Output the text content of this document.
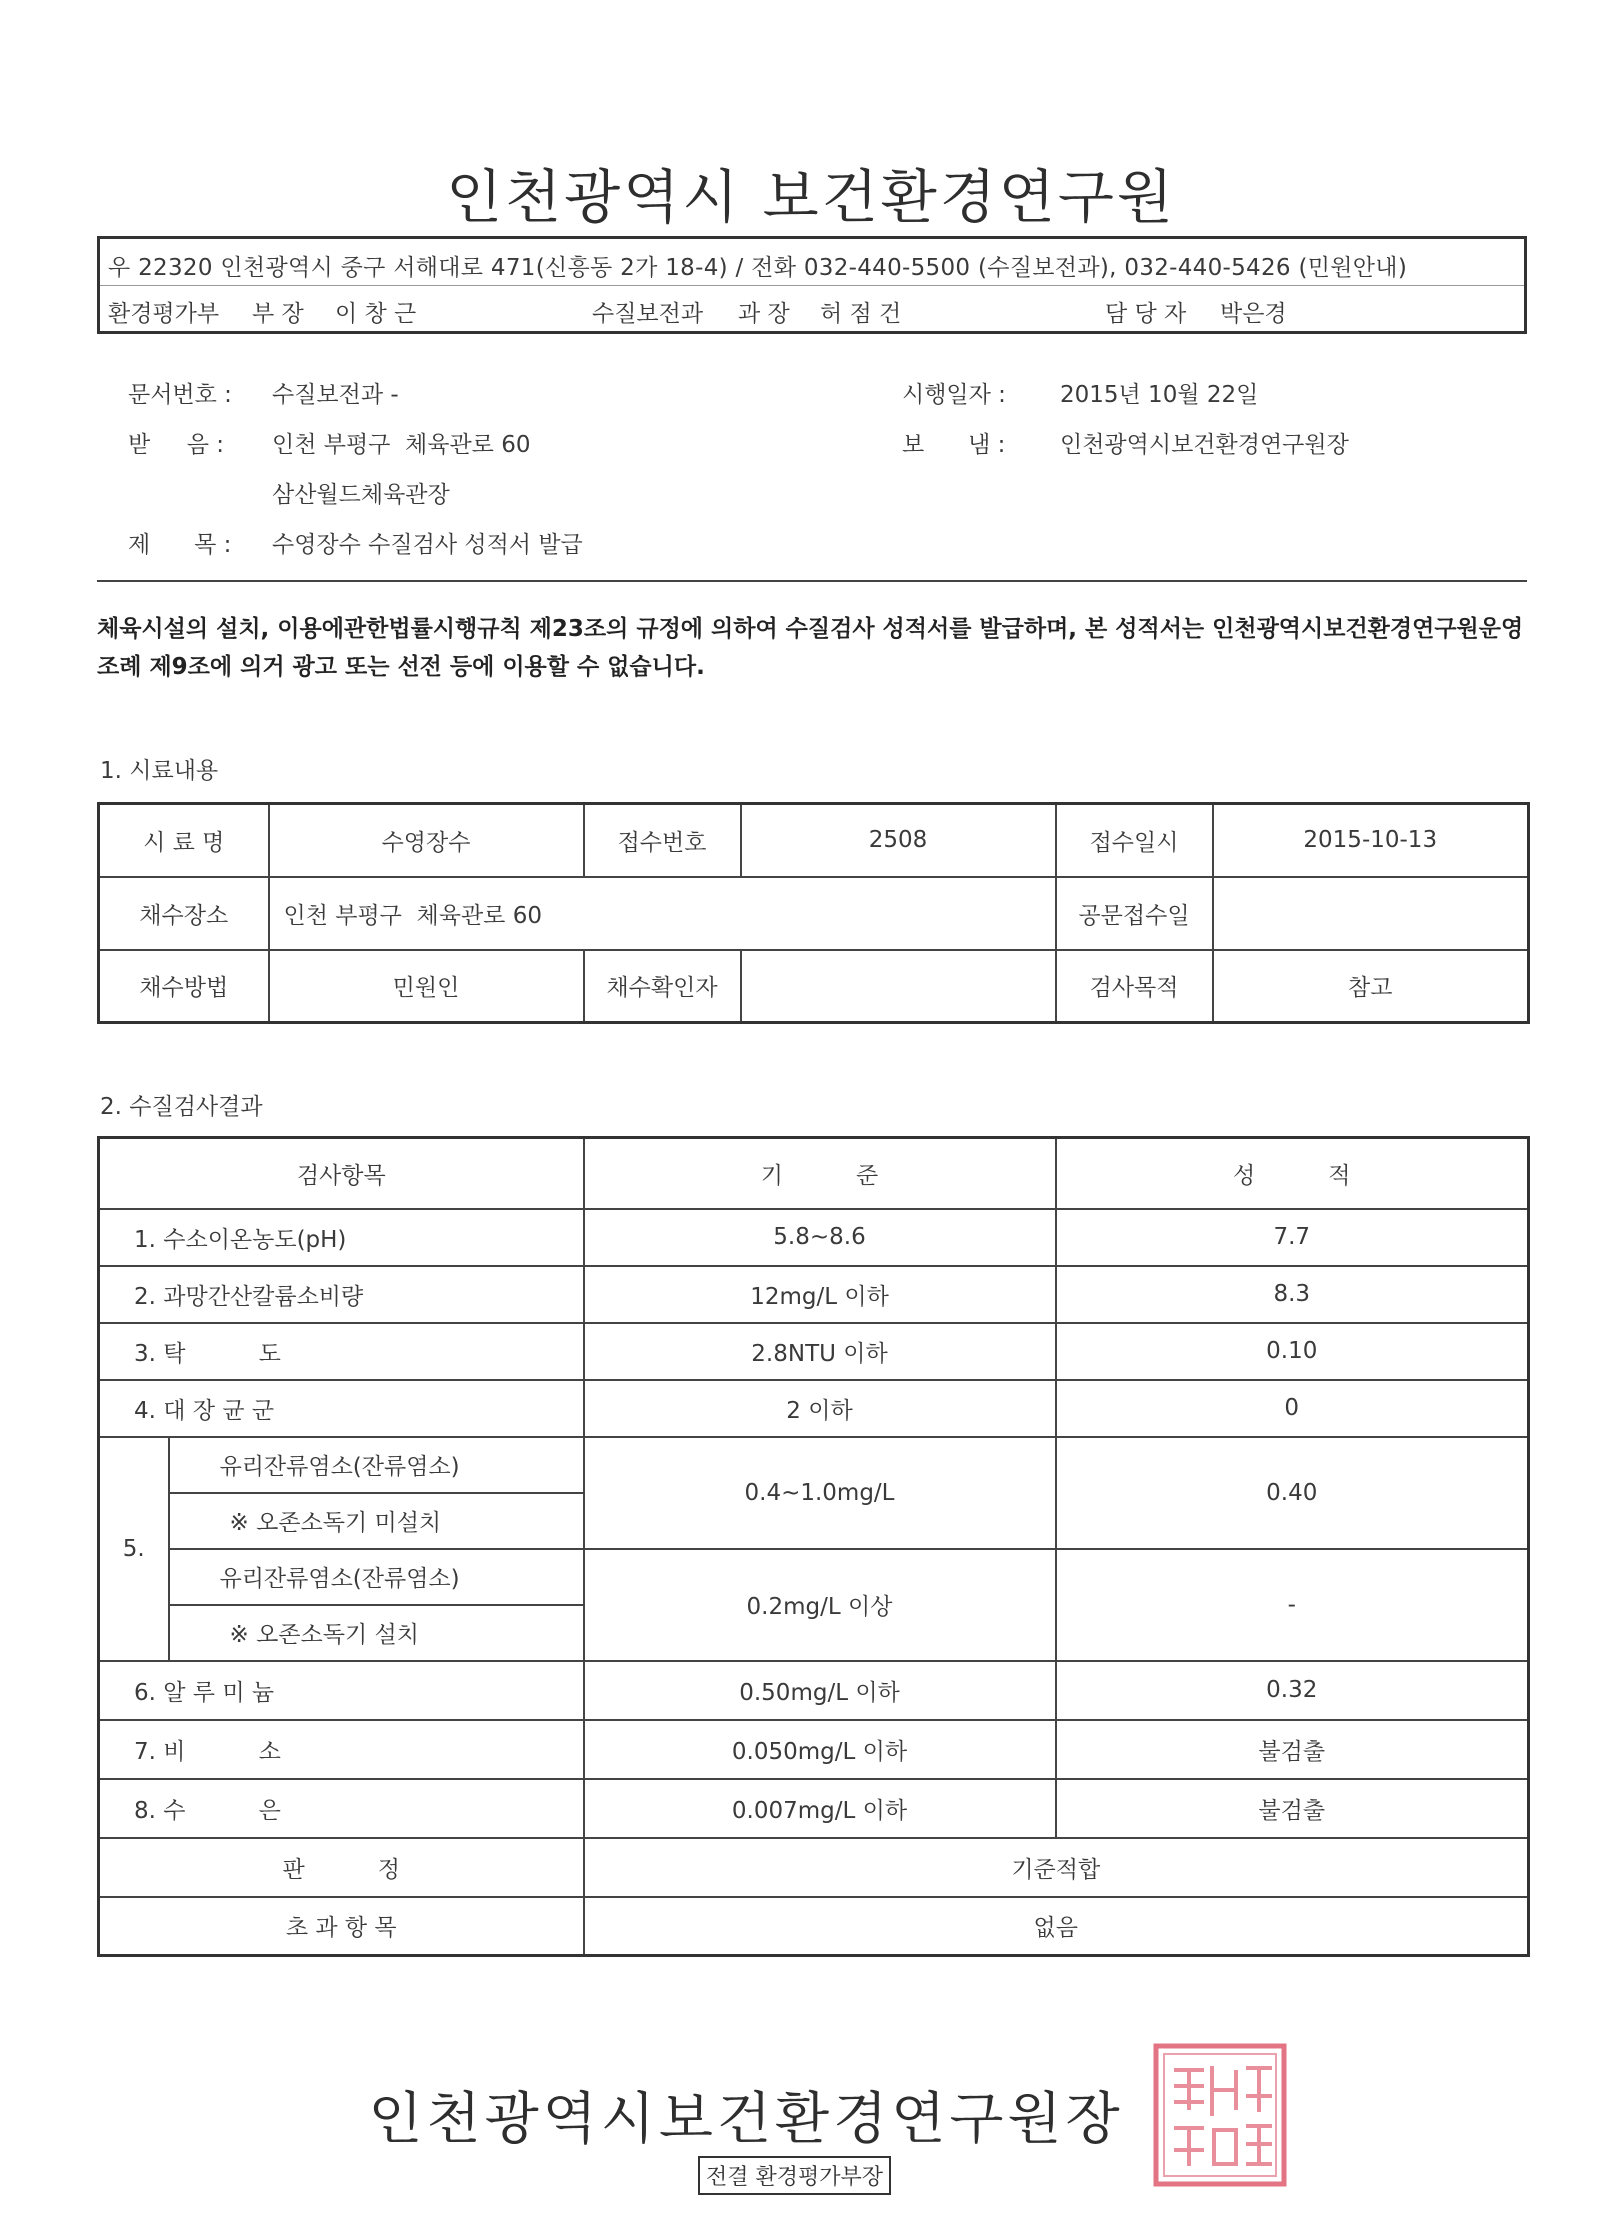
인천광역시 보건환경연구원
우 22320 인천광역시 중구 서해대로 471(신흥동 2가 18-4) / 전화 032-440-5500 (수질보전과), 032-440-5426 (민원안내)
환경평가부 부 장 이 창 근	수질보전과 과 장 허 점 건	담 당 자 박은경
문서번호 : 수질보전과 -	시행일자 : 2015년 10월 22일
받     음 : 인천 부평구  체육관로 60	보      냄 : 인천광역시보건환경연구원장
삼산월드체육관장
제      목 : 수영장수 수질검사 성적서 발급
체육시설의 설치, 이용에관한법률시행규칙 제23조의 규정에 의하여 수질검사 성적서를 발급하며, 본 성적서는 인천광역시보건환경연구원운영조례 제9조에 의거 광고 또는 선전 등에 이용할 수 없습니다.
1. 시료내용
시 료 명	수영장수	접수번호	2508	접수일시	2015-10-13
채수장소	인천 부평구  체육관로 60			공문접수일	
채수방법	민원인	채수확인자		검사목적	참고
2. 수질검사결과
검사항목		기          준	성          적
1. 수소이온농도(pH)		5.8~8.6	7.7
2. 과망간산칼륨소비량		12mg/L 이하	8.3
3. 탁          도		2.8NTU 이하	0.10
4. 대 장 균 군		2 이하	0
5.	유리잔류염소(잔류염소)	0.4~1.0mg/L	0.40
	※ 오존소독기 미설치		
	유리잔류염소(잔류염소)	0.2mg/L 이상	-
	※ 오존소독기 설치		
6. 알 루 미 늄		0.50mg/L 이하	0.32
7. 비          소		0.050mg/L 이하	불검출
8. 수          은		0.007mg/L 이하	불검출
판          정		기준적합	
초 과 항 목		없음	
인천광역시보건환경연구원장
전결 환경평가부장
